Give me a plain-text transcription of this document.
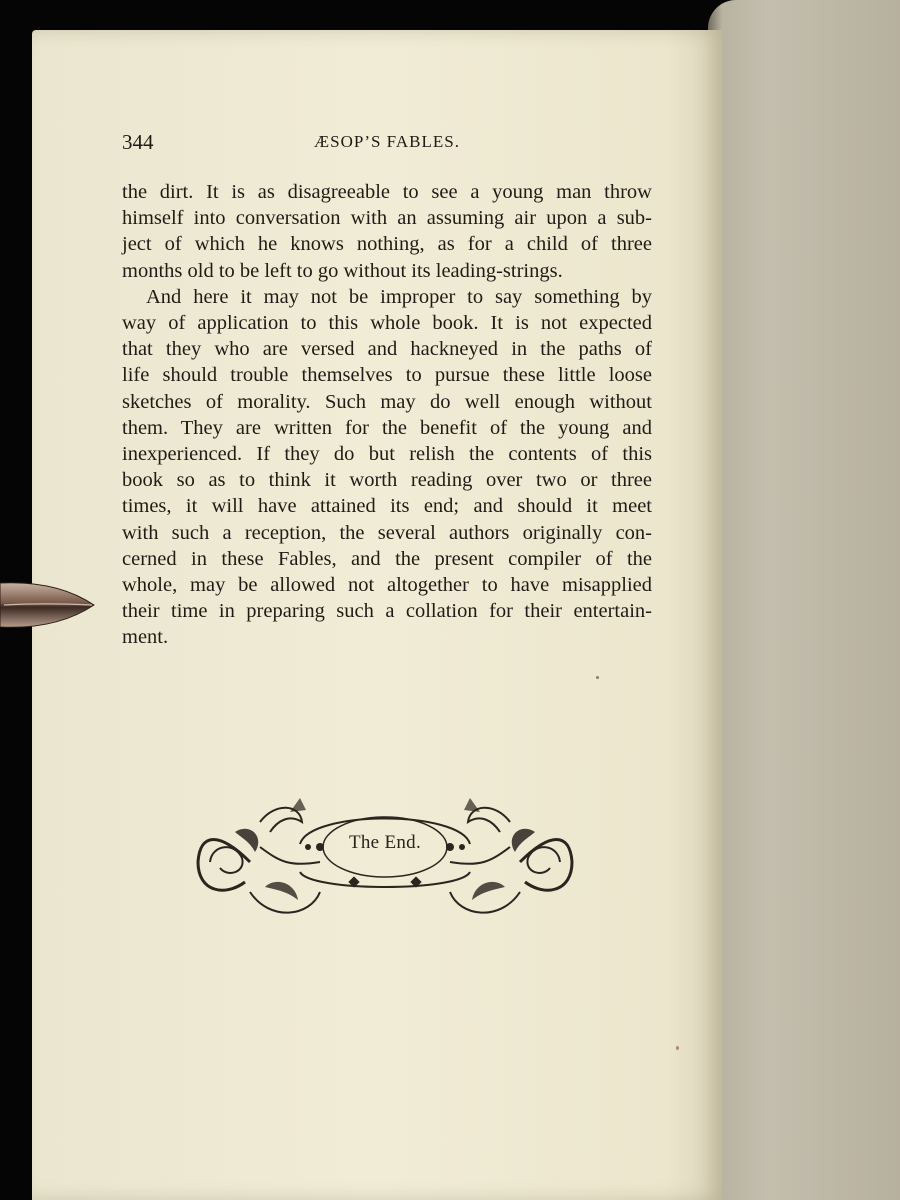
344	ÆSOP’S FABLES.
the dirt. It is as disagreeable to see a young man throw
himself into conversation with an assuming air upon a sub-
ject of which he knows nothing, as for a child of three
months old to be left to go without its leading-strings.
And here it may not be improper to say something by
way of application to this whole book. It is not expected
that they who are versed and hackneyed in the paths of
life should trouble themselves to pursue these little loose
sketches of morality. Such may do well enough without
them. They are written for the benefit of the young and
inexperienced. If they do but relish the contents of this
book so as to think it worth reading over two or three
times, it will have attained its end; and should it meet
with such a reception, the several authors originally con-
cerned in these Fables, and the present compiler of the
whole, may be allowed not altogether to have misapplied
their time in preparing such a collation for their entertain-
ment.
The End.
